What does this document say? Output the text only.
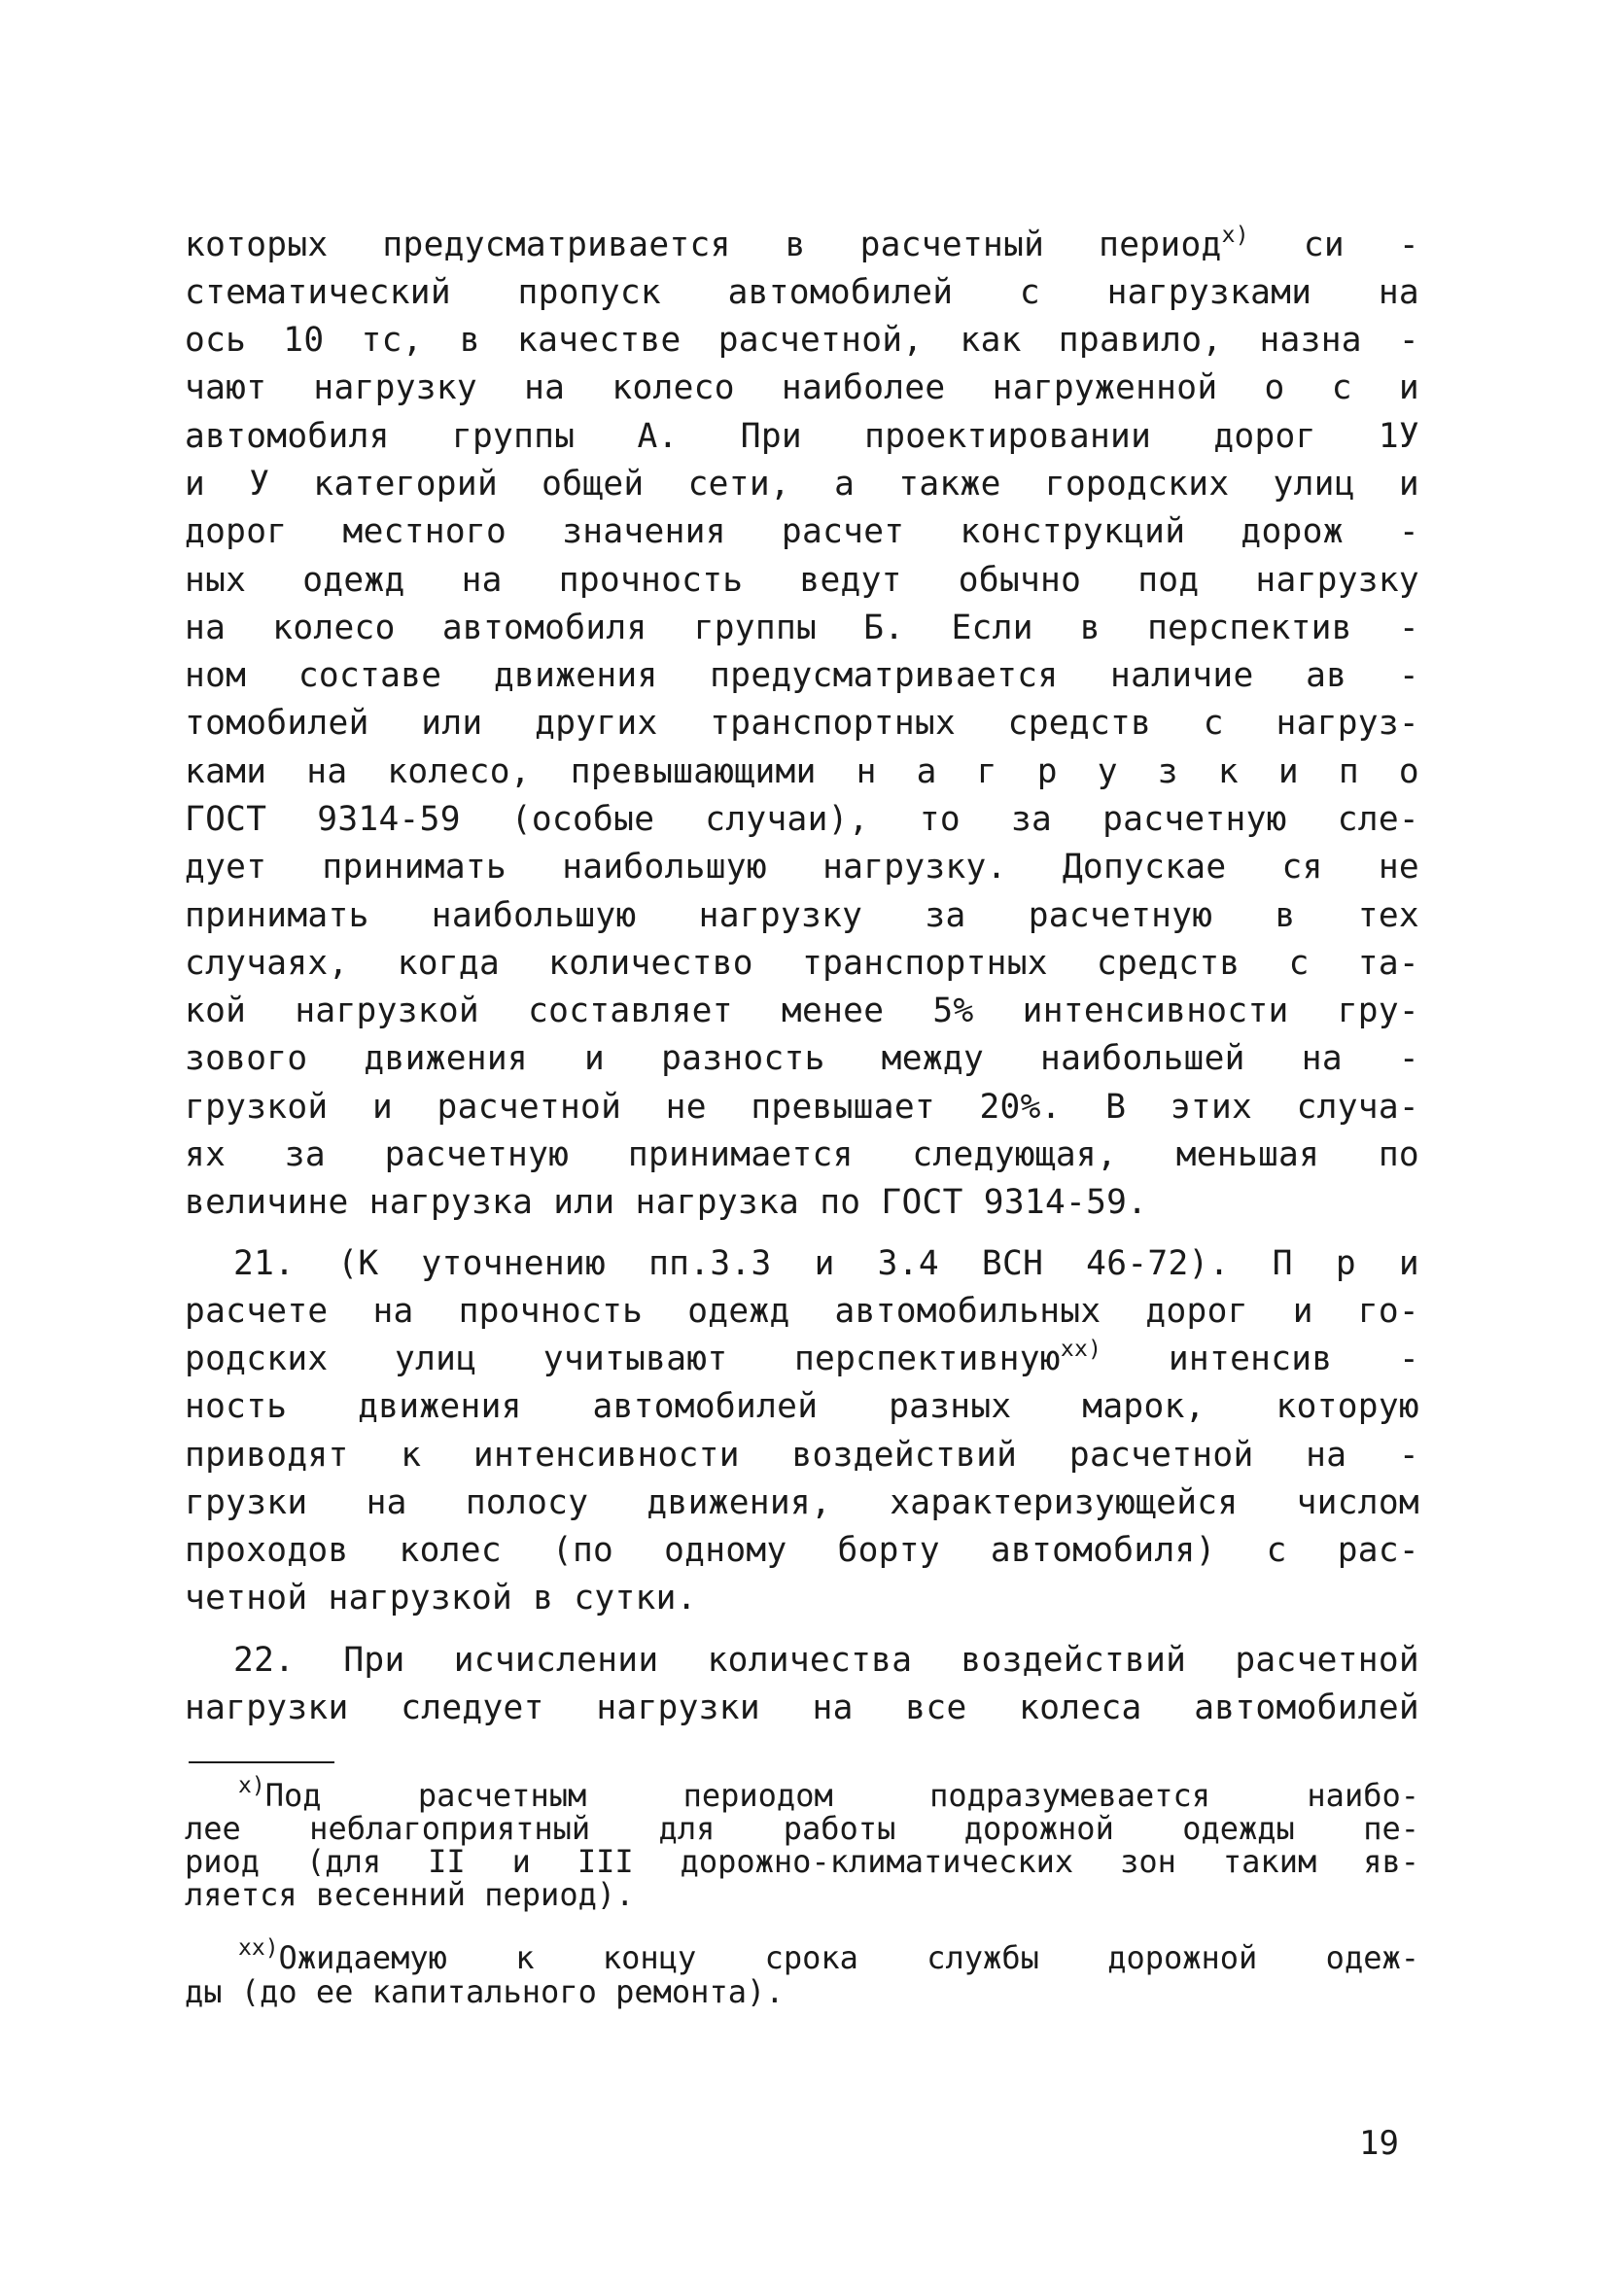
которых предусматривается в расчетный период$^{х)}$ си -
стематический пропуск автомобилей с нагрузками на
ось 10 тс, в качестве расчетной, как правило, назна -
чают нагрузку на колесо наиболее нагруженной о с и
автомобиля группы А. При проектировании дорог 1У
и У категорий общей сети, а также городских улиц и
дорог местного значения расчет конструкций дорож -
ных одежд на прочность ведут обычно под нагрузку
на колесо автомобиля группы Б. Если в перспектив -
ном составе движения предусматривается наличие ав -
томобилей или других транспортных средств с нагруз-
ками на колесо, превышающими н а г р у з к и п о
ГОСТ 9314-59 (особые случаи), то за расчетную сле-
дует принимать наибольшую нагрузку. Допускае ся не
принимать наибольшую нагрузку за расчетную в тех
случаях, когда количество транспортных средств с та-
кой нагрузкой составляет менее 5% интенсивности гру-
зового движения и разность между наибольшей на -
грузкой и расчетной не превышает 20%. В этих случа-
ях за расчетную принимается следующая, меньшая по
величине нагрузка или нагрузка по ГОСТ 9314-59.
21. (К уточнению пп.3.3 и 3.4 ВСН 46-72). П р и
расчете на прочность одежд автомобильных дорог и го-
родских улиц учитывают перспективную$^{хх)}$ интенсив -
ность движения автомобилей разных марок, которую
приводят к интенсивности воздействий расчетной на -
грузки на полосу движения, характеризующейся числом
проходов колес (по одному борту автомобиля) с рас-
четной нагрузкой в сутки.
22. При исчислении количества воздействий расчетной
нагрузки следует нагрузки на все колеса автомобилей
$^{х)}$Под расчетным периодом подразумевается наибо-
лее неблагоприятный для работы дорожной одежды пе-
риод (для II и III дорожно-климатических зон таким яв-
ляется весенний период).
$^{хх)}$Ожидаемую к концу срока службы дорожной одеж-
ды (до ее капитального ремонта).
19
